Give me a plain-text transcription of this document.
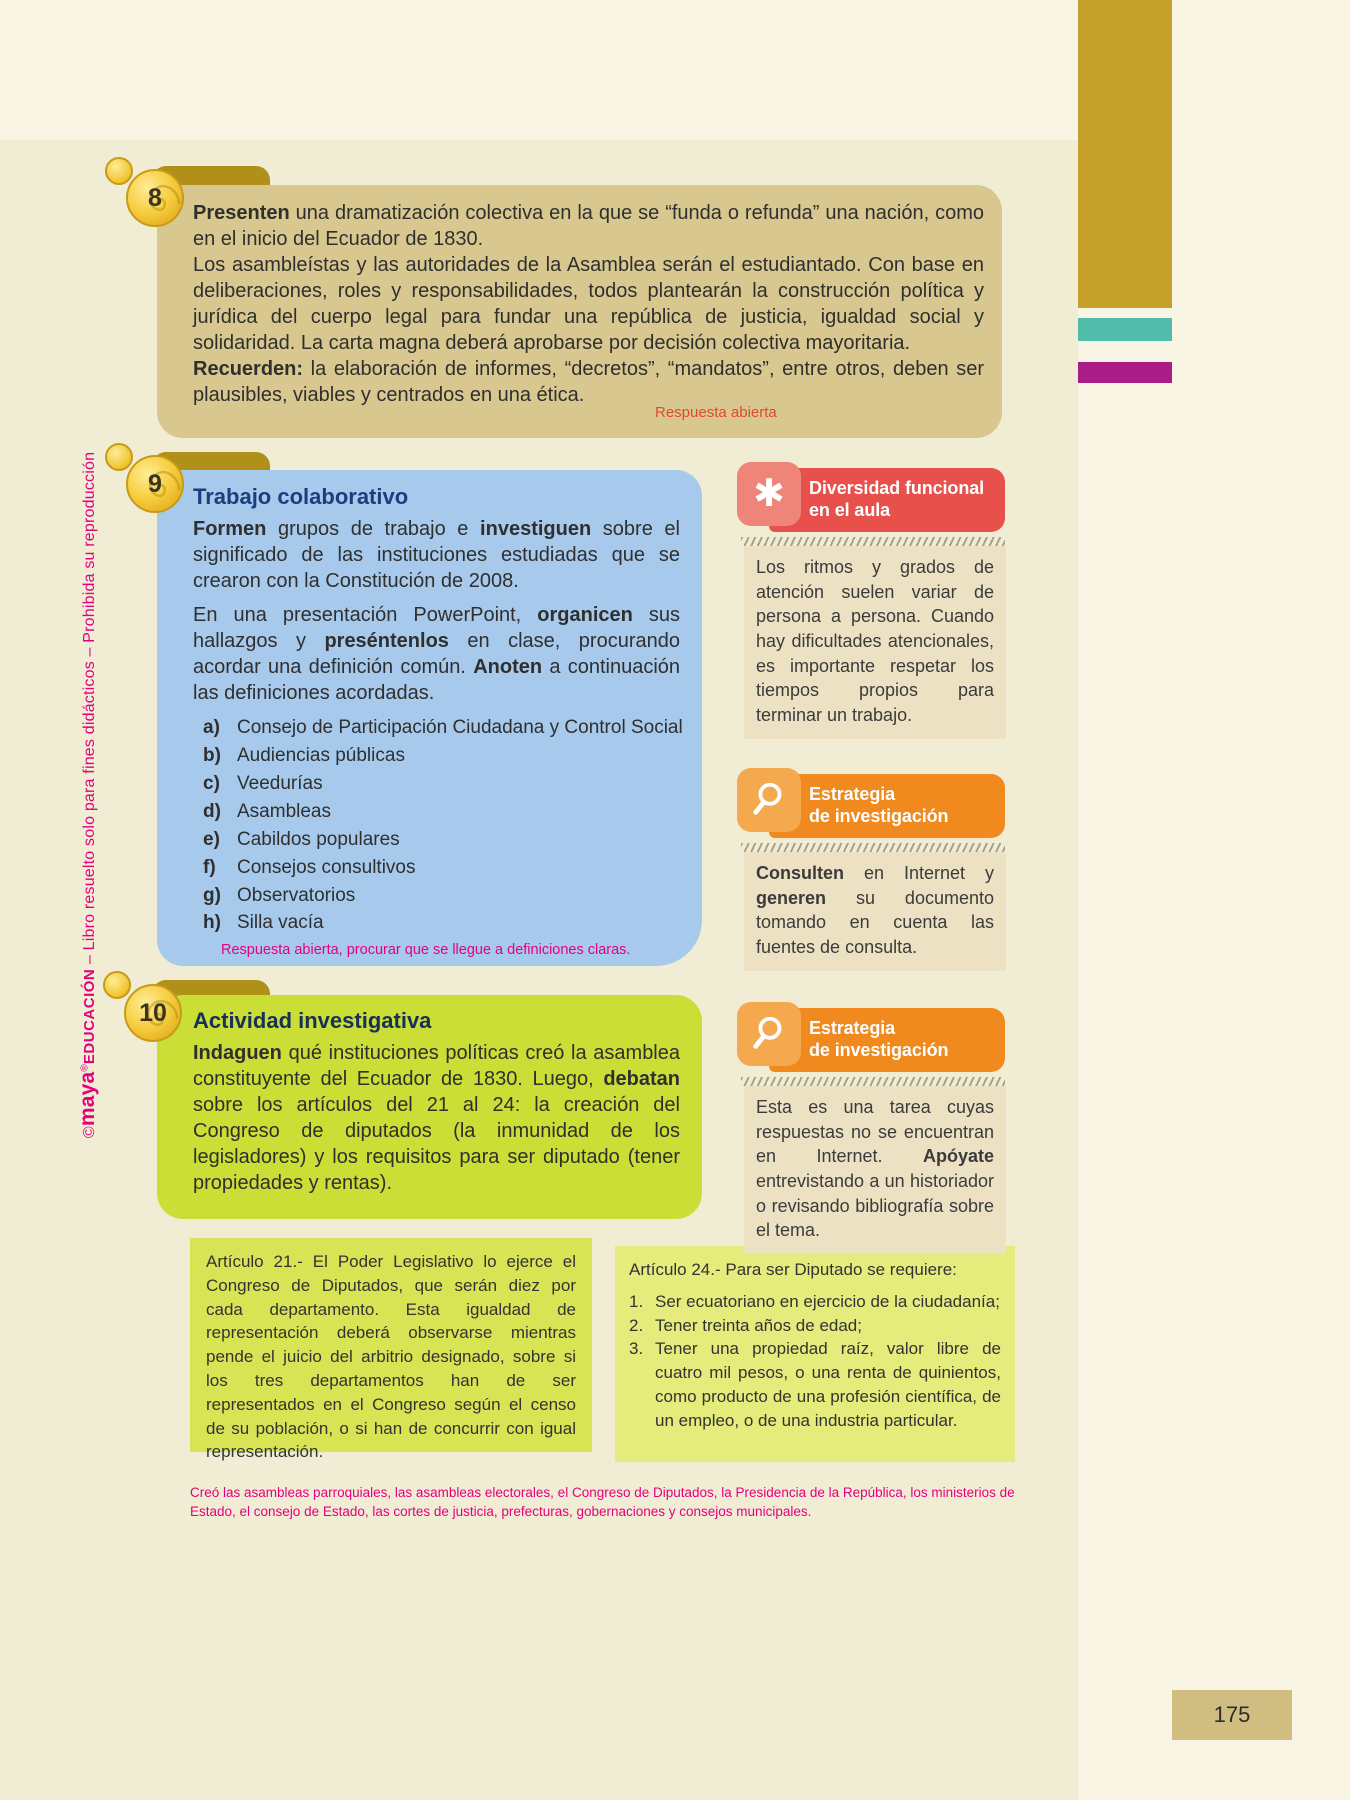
175
©maya®EDUCACIÓN – Libro resuelto solo para fines didácticos – Prohibida su reproducción
8

Presenten una dramatización colectiva en la que se “funda o refunda” una nación, como en el inicio del Ecuador de 1830.

Los asambleístas y las autoridades de la Asamblea serán el estudiantado. Con base en deliberaciones, roles y responsabilidades, todos plantearán la construcción política y jurídica del cuerpo legal para fundar una república de justicia, igualdad social y solidaridad. La carta magna deberá aprobarse por decisión colectiva mayoritaria.

Recuerden: la elaboración de informes, “decretos”, “mandatos”, entre otros, deben ser plausibles, viables y centrados en una ética.

Respuesta abierta
9 Trabajo colaborativo

Formen grupos de trabajo e investiguen sobre el significado de las instituciones estudiadas que se crearon con la Constitución de 2008.

En una presentación PowerPoint, organicen sus hallazgos y preséntenlos en clase, procurando acordar una definición común. Anoten a continuación las definiciones acordadas.

a) Consejo de Participación Ciudadana y Control Social
b) Audiencias públicas
c) Veedurías
d) Asambleas
e) Cabildos populares
f)	Consejos consultivos
g) Observatorios
h) Silla vacía
Respuesta abierta, procurar que se llegue a definiciones claras.
10 Actividad investigativa

Indaguen qué instituciones políticas creó la asamblea constituyente del Ecuador de 1830. Luego, debatan sobre los artículos del 21 al 24: la creación del Congreso de diputados (la inmunidad de los legisladores) y los requisitos para ser diputado (tener propiedades y rentas).

✱ Diversidad funcional
en el aula
Los ritmos y grados de atención suelen variar de persona a persona. Cuando hay dificultades atencionales, es importante respetar los tiempos propios para terminar un trabajo.
Estrategia
de investigación
Consulten en Internet y generen su documento tomando en cuenta las fuentes de consulta.
Estrategia
de investigación
Esta es una tarea cuyas respuestas no se encuentran en Internet. Apóyate entrevistando a un historiador o revisando bibliografía sobre el tema.
Artículo 21.- El Poder Legislativo lo ejerce el Congreso de Diputados, que serán diez por cada departamento. Esta igualdad de representación deberá observarse mientras pende el juicio del arbitrio designado, sobre si los tres departamentos han de ser representados en el Congreso según el censo de su población, o si han de concurrir con igual representación.
Artículo 24.- Para ser Diputado se requiere:
1. Ser ecuatoriano en ejercicio de la ciudadanía;
2. Tener treinta años de edad;
3. Tener una propiedad raíz, valor libre de cuatro mil pesos, o una renta de quinientos, como producto de una profesión científica, de un empleo, o de una industria particular.
Creó las asambleas parroquiales, las asambleas electorales, el Congreso de Diputados, la Presidencia de la República, los ministerios de Estado, el consejo de Estado, las cortes de justicia, prefecturas, gobernaciones y consejos municipales.
